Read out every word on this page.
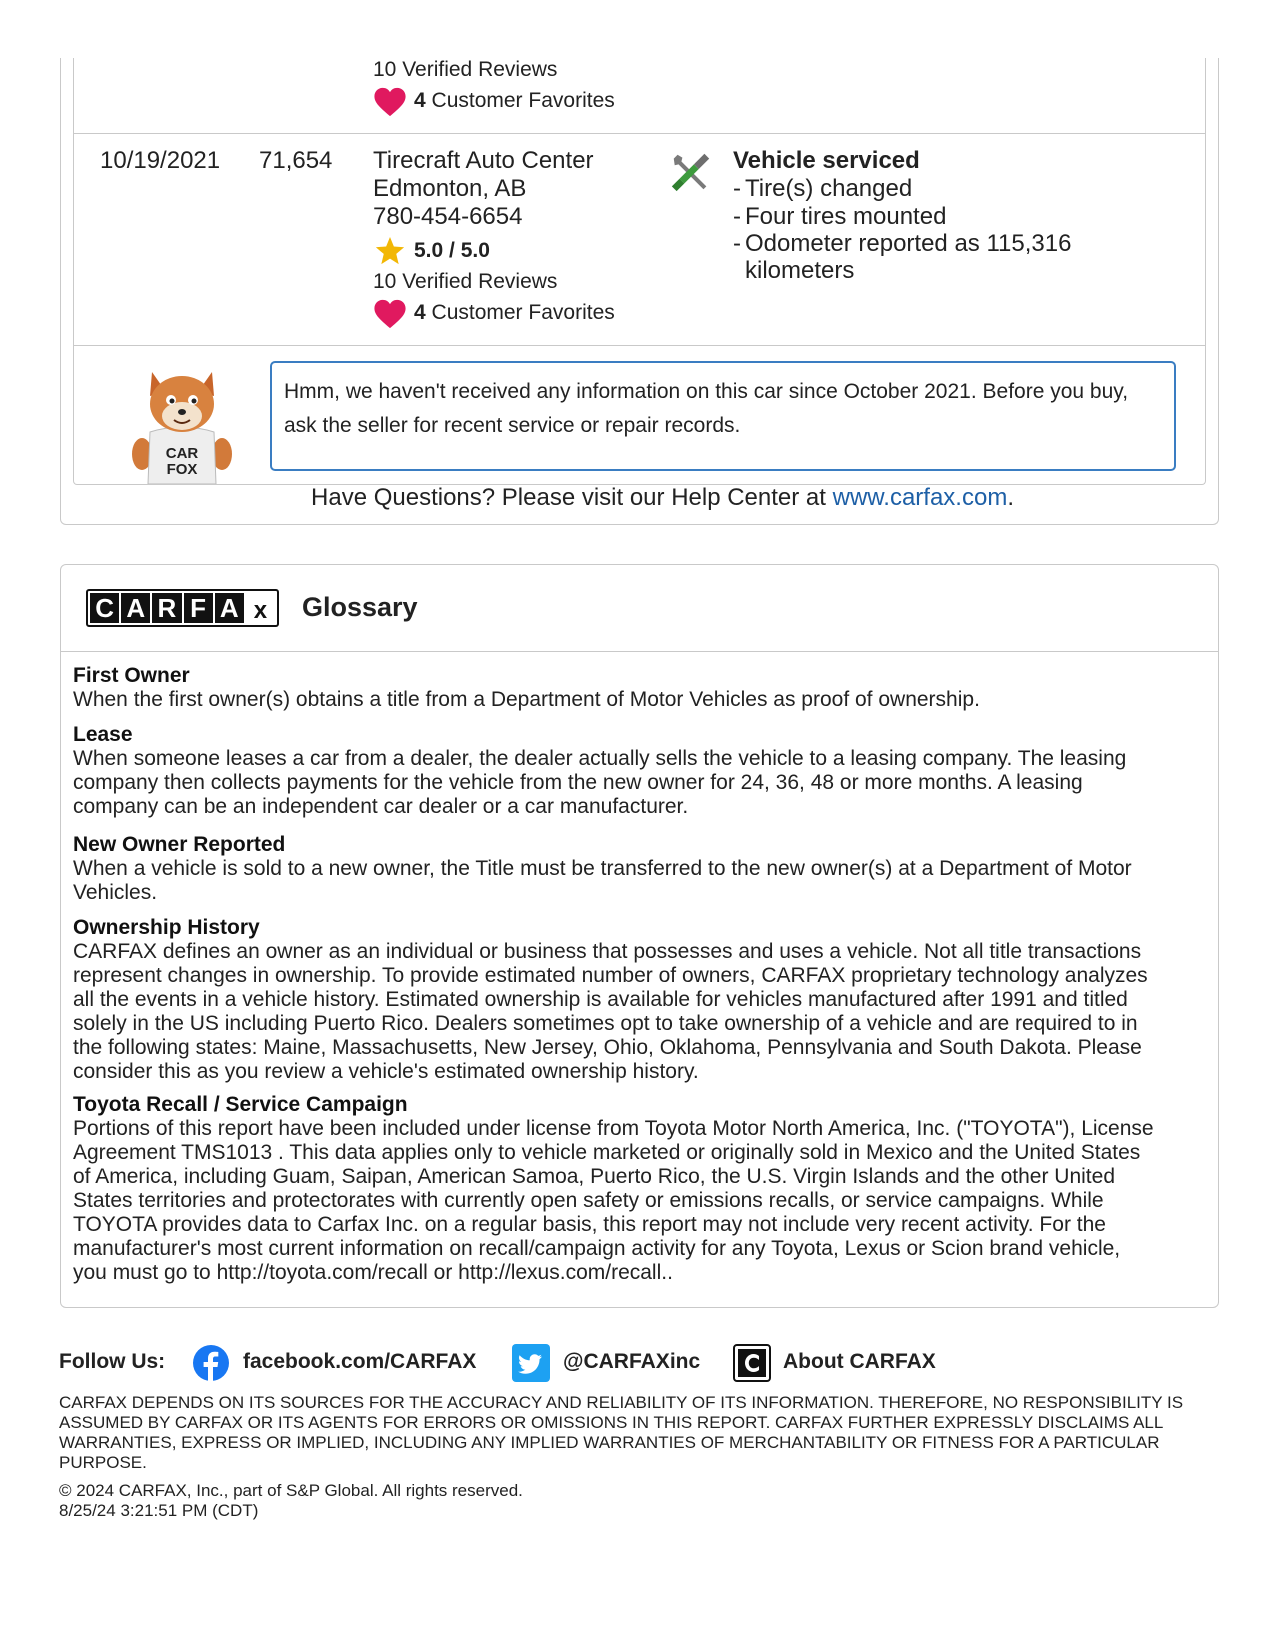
10 Verified Reviews
4 Customer Favorites
10/19/2021 71,654 Tirecraft Auto Center
Edmonton, AB
780-454-6654
5.0 / 5.0
10 Verified Reviews
4 Customer Favorites
Vehicle serviced
- Tire(s) changed
- Four tires mounted
- Odometer reported as 115,316
kilometers
CAR
FOX
Hmm, we haven't received any information on this car since October 2021. Before you buy,
ask the seller for recent service or repair records.
Have Questions? Please visit our Help Center at www.carfax.com.
C A R F A x Glossary
First Owner
When the first owner(s) obtains a title from a Department of Motor Vehicles as proof of ownership.
Lease
When someone leases a car from a dealer, the dealer actually sells the vehicle to a leasing company. The leasing
company then collects payments for the vehicle from the new owner for 24, 36, 48 or more months. A leasing
company can be an independent car dealer or a car manufacturer.
New Owner Reported
When a vehicle is sold to a new owner, the Title must be transferred to the new owner(s) at a Department of Motor
Vehicles.
Ownership History
CARFAX defines an owner as an individual or business that possesses and uses a vehicle. Not all title transactions
represent changes in ownership. To provide estimated number of owners, CARFAX proprietary technology analyzes
all the events in a vehicle history. Estimated ownership is available for vehicles manufactured after 1991 and titled
solely in the US including Puerto Rico. Dealers sometimes opt to take ownership of a vehicle and are required to in
the following states: Maine, Massachusetts, New Jersey, Ohio, Oklahoma, Pennsylvania and South Dakota. Please
consider this as you review a vehicle's estimated ownership history.
Toyota Recall / Service Campaign
Portions of this report have been included under license from Toyota Motor North America, Inc. ("TOYOTA"), License
Agreement TMS1013 . This data applies only to vehicle marketed or originally sold in Mexico and the United States
of America, including Guam, Saipan, American Samoa, Puerto Rico, the U.S. Virgin Islands and the other United
States territories and protectorates with currently open safety or emissions recalls, or service campaigns. While
TOYOTA provides data to Carfax Inc. on a regular basis, this report may not include very recent activity. For the
manufacturer's most current information on recall/campaign activity for any Toyota, Lexus or Scion brand vehicle,
you must go to http://toyota.com/recall or http://lexus.com/recall..
Follow Us:	facebook.com/CARFAX	@CARFAXinc	About CARFAX
CARFAX DEPENDS ON ITS SOURCES FOR THE ACCURACY AND RELIABILITY OF ITS INFORMATION. THEREFORE, NO RESPONSIBILITY IS ASSUMED BY CARFAX OR ITS AGENTS FOR ERRORS OR OMISSIONS IN THIS REPORT. CARFAX FURTHER EXPRESSLY DISCLAIMS ALL WARRANTIES, EXPRESS OR IMPLIED, INCLUDING ANY IMPLIED WARRANTIES OF MERCHANTABILITY OR FITNESS FOR A PARTICULAR PURPOSE.
© 2024 CARFAX, Inc., part of S&P Global. All rights reserved.
8/25/24 3:21:51 PM (CDT)
